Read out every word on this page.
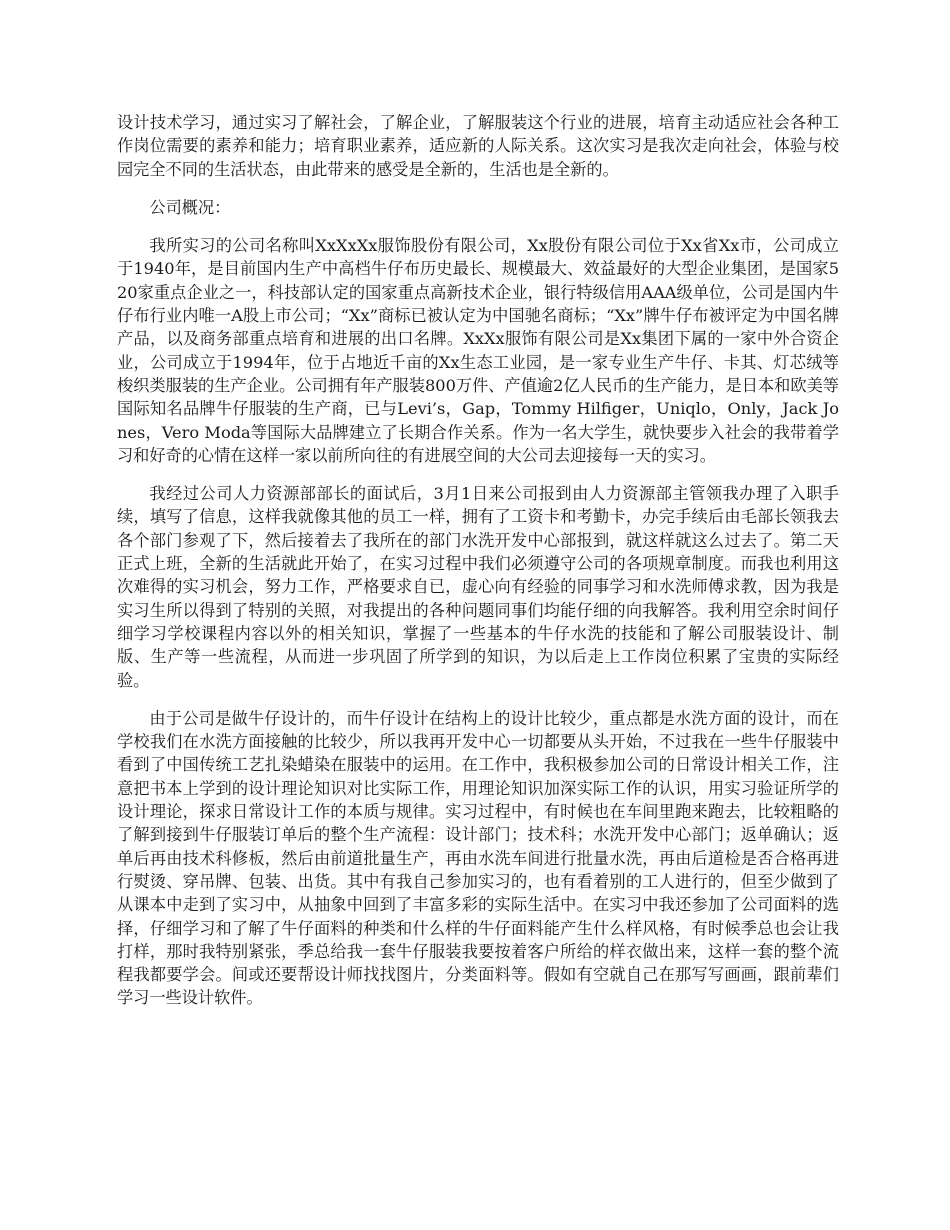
设计技术学习，通过实习了解社会，了解企业，了解服装这个行业的进展，培育主动适应社会各种工作岗位需要的素养和能力；培育职业素养，适应新的人际关系。这次实习是我次走向社会，体验与校园完全不同的生活状态，由此带来的感受是全新的，生活也是全新的。

公司概况：

我所实习的公司名称叫XxXxXx服饰股份有限公司，Xx股份有限公司位于Xx省Xx市，公司成立于1940年，是目前国内生产中高档牛仔布历史最长、规模最大、效益最好的大型企业集团，是国家520家重点企业之一，科技部认定的国家重点高新技术企业，银行特级信用AAA级单位，公司是国内牛仔布行业内唯一A股上市公司；“Xx”商标已被认定为中国驰名商标；“Xx”牌牛仔布被评定为中国名牌产品，以及商务部重点培育和进展的出口名牌。XxXx服饰有限公司是Xx集团下属的一家中外合资企业，公司成立于1994年，位于占地近千亩的Xx生态工业园，是一家专业生产牛仔、卡其、灯芯绒等梭织类服装的生产企业。公司拥有年产服装800万件、产值逾2亿人民币的生产能力，是日本和欧美等国际知名品牌牛仔服装的生产商，已与Levi’s，Gap，Tommy Hilfiger，Uniqlo，Only，Jack Jones，Vero Moda等国际大品牌建立了长期合作关系。作为一名大学生，就快要步入社会的我带着学习和好奇的心情在这样一家以前所向往的有进展空间的大公司去迎接每一天的实习。

我经过公司人力资源部部长的面试后，3月1日来公司报到由人力资源部主管领我办理了入职手续，填写了信息，这样我就像其他的员工一样，拥有了工资卡和考勤卡，办完手续后由毛部长领我去各个部门参观了下，然后接着去了我所在的部门水洗开发中心部报到，就这样就这么过去了。第二天正式上班，全新的生活就此开始了，在实习过程中我们必须遵守公司的各项规章制度。而我也利用这次难得的实习机会，努力工作，严格要求自已，虚心向有经验的同事学习和水洗师傅求教，因为我是实习生所以得到了特别的关照，对我提出的各种问题同事们均能仔细的向我解答。我利用空余时间仔细学习学校课程内容以外的相关知识，掌握了一些基本的牛仔水洗的技能和了解公司服装设计、制版、生产等一些流程，从而进一步巩固了所学到的知识，为以后走上工作岗位积累了宝贵的实际经验。

由于公司是做牛仔设计的，而牛仔设计在结构上的设计比较少，重点都是水洗方面的设计，而在学校我们在水洗方面接触的比较少，所以我再开发中心一切都要从头开始，不过我在一些牛仔服装中看到了中国传统工艺扎染蜡染在服装中的运用。在工作中，我积极参加公司的日常设计相关工作，注意把书本上学到的设计理论知识对比实际工作，用理论知识加深实际工作的认识，用实习验证所学的设计理论，探求日常设计工作的本质与规律。实习过程中，有时候也在车间里跑来跑去，比较粗略的了解到接到牛仔服装订单后的整个生产流程：设计部门；技术科；水洗开发中心部门；返单确认；返单后再由技术科修板，然后由前道批量生产，再由水洗车间进行批量水洗，再由后道检是否合格再进行熨烫、穿吊牌、包装、出货。其中有我自己参加实习的，也有看着别的工人进行的，但至少做到了从课本中走到了实习中，从抽象中回到了丰富多彩的实际生活中。在实习中我还参加了公司面料的选择，仔细学习和了解了牛仔面料的种类和什么样的牛仔面料能产生什么样风格，有时候季总也会让我打样，那时我特别紧张，季总给我一套牛仔服装我要按着客户所给的样衣做出来，这样一套的整个流程我都要学会。间或还要帮设计师找找图片，分类面料等。假如有空就自己在那写写画画，跟前辈们学习一些设计软件。
